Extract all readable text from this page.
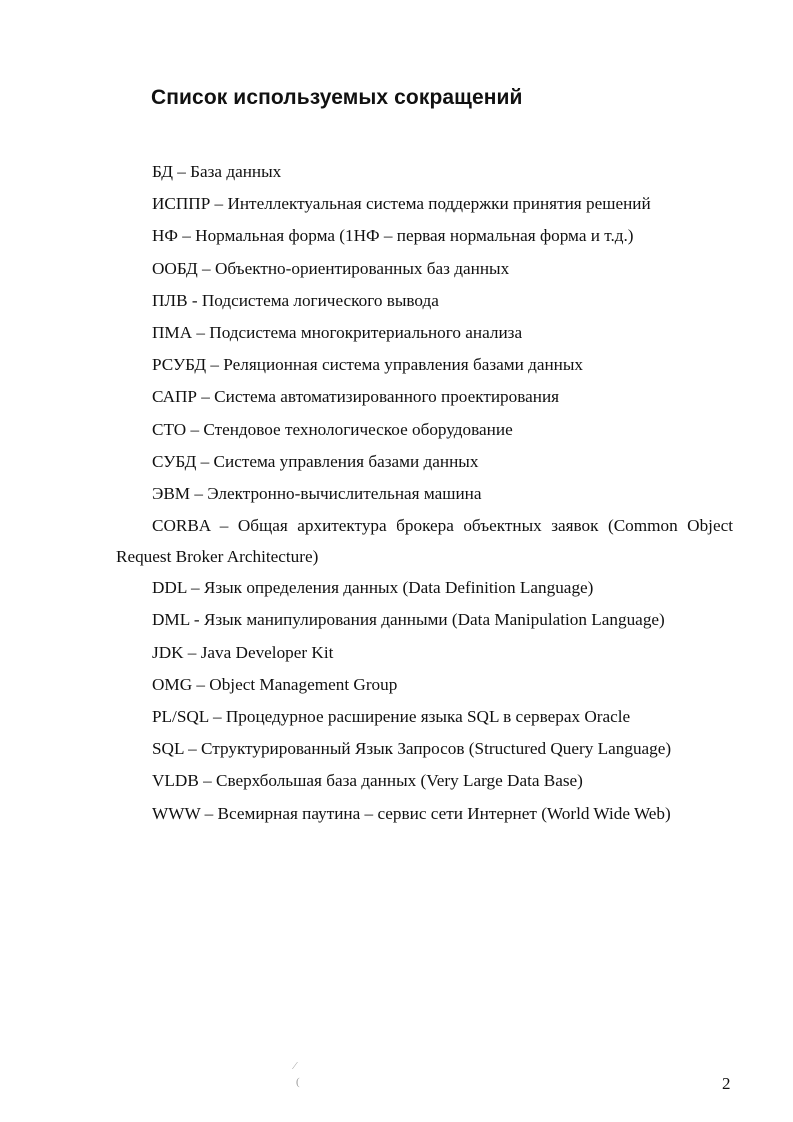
Список используемых сокращений
БД – База данных
ИСППР – Интеллектуальная система поддержки принятия решений
НФ – Нормальная форма (1НФ – первая нормальная форма и т.д.)
ООБД – Объектно-ориентированных баз данных
ПЛВ - Подсистема логического вывода
ПМА – Подсистема многокритериального анализа
РСУБД – Реляционная система управления базами данных
САПР – Система автоматизированного проектирования
СТО – Стендовое технологическое оборудование
СУБД – Система управления базами данных
ЭВМ – Электронно-вычислительная машина
CORBA – Общая архитектура брокера объектных заявок (Common Object Request Broker Architecture)
DDL – Язык определения данных (Data Definition Language)
DML - Язык манипулирования данными (Data Manipulation Language)
JDK – Java Developer Kit
OMG – Object Management Group
PL/SQL – Процедурное расширение языка SQL в серверах Oracle
SQL – Структурированный Язык Запросов (Structured Query Language)
VLDB – Сверхбольшая база данных (Very Large Data Base)
WWW – Всемирная паутина – сервис сети Интернет (World Wide Web)
⁄
(	2
